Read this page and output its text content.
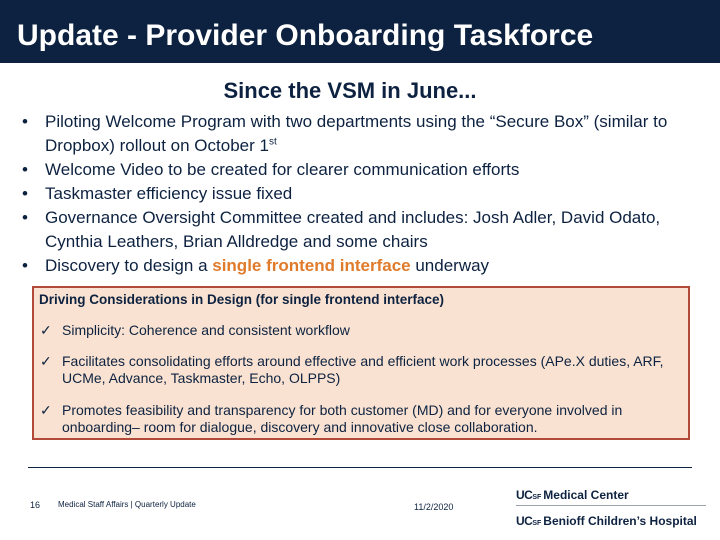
Update - Provider Onboarding Taskforce
Since the VSM in June...
• Piloting Welcome Program with two departments using the “Secure Box” (similar to Dropbox) rollout on October 1st
• Welcome Video to be created for clearer communication efforts
• Taskmaster efficiency issue fixed
• Governance Oversight Committee created and includes: Josh Adler, David Odato, Cynthia Leathers, Brian Alldredge and some chairs
• Discovery to design a single frontend interface underway
Driving Considerations in Design (for single frontend interface)
✓ Simplicity: Coherence and consistent workflow
✓ Facilitates consolidating efforts around effective and efficient work processes (APe.X duties, ARF, UCMe, Advance, Taskmaster, Echo, OLPPS)
✓ Promotes feasibility and transparency for both customer (MD) and for everyone involved in onboarding– room for dialogue, discovery and innovative close collaboration.
16 Medical Staff Affairs | Quarterly Update	11/2/2020
UCSF Medical Center
UCSF Benioff Children’s Hospital
